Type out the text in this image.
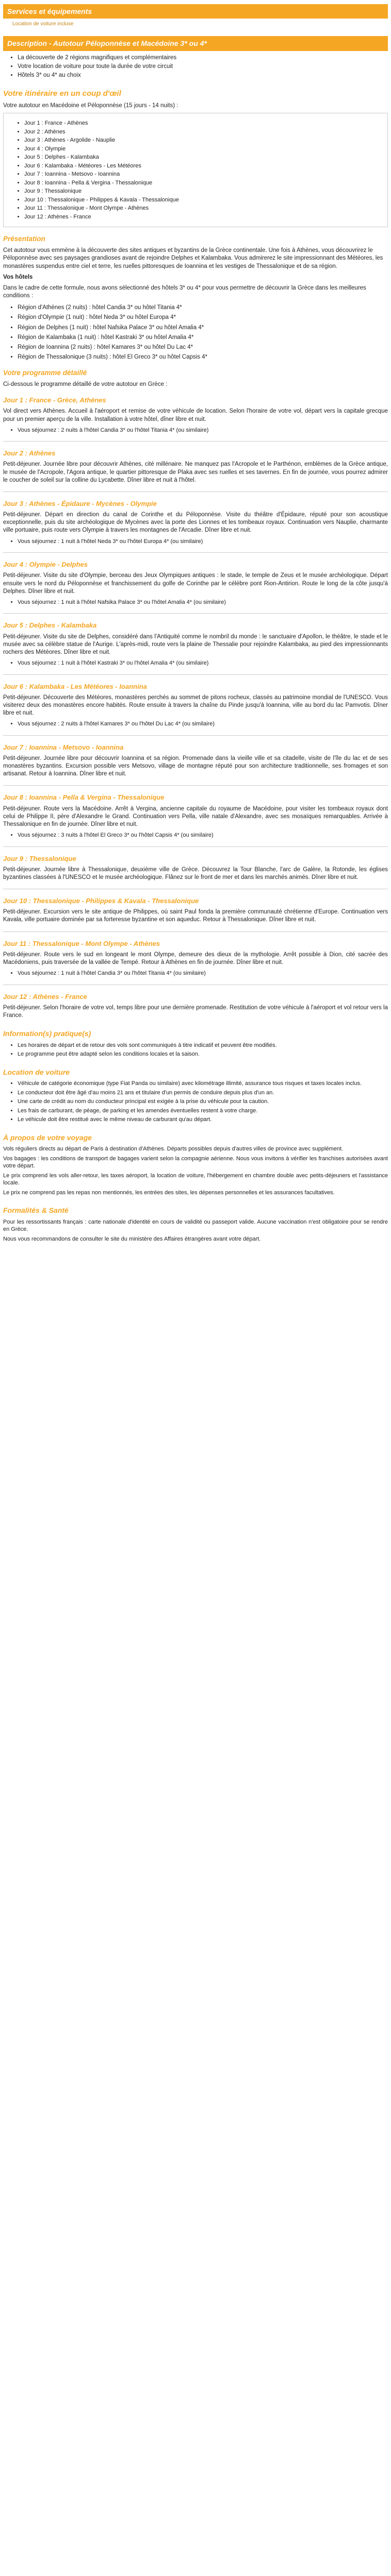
Services et équipements
Location de voiture incluse
Description - Autotour Péloponnèse et Macédoine 3* ou 4*
• La découverte de 2 régions magnifiques et complémentaires
• Votre location de voiture pour toute la durée de votre circuit
• Hôtels 3* ou 4* au choix
Votre itinéraire en un coup d'œil

Votre autotour en Macédoine et Péloponnèse (15 jours - 14 nuits) :

• Jour 1 : France - Athènes
• Jour 2 : Athènes
• Jour 3 : Athènes - Argolide - Nauplie
• Jour 4 : Olympie
• Jour 5 : Delphes - Kalambaka
• Jour 6 : Kalambaka - Météores - Les Météores
• Jour 7 : Ioannina - Metsovo - Ioannina
• Jour 8 : Ioannina - Pella & Vergina - Thessalonique
• Jour 9 : Thessalonique
• Jour 10 : Thessalonique - Philippes & Kavala - Thessalonique
• Jour 11 : Thessalonique - Mont Olympe - Athènes
• Jour 12 : Athènes - France
Présentation

Cet autotour vous emmène à la découverte des sites antiques et byzantins de la Grèce continentale. Une fois à Athènes, vous découvrirez le Péloponnèse avec ses paysages grandioses avant de rejoindre Delphes et Kalambaka. Vous admirerez le site impressionnant des Météores, les monastères suspendus entre ciel et terre, les ruelles pittoresques de Ioannina et les vestiges de Thessalonique et de sa région.

Vos hôtels

Dans le cadre de cette formule, nous avons sélectionné des hôtels 3* ou 4* pour vous permettre de découvrir la Grèce dans les meilleures conditions :

• Région d'Athènes (2 nuits) : hôtel Candia 3* ou hôtel Titania 4*
• Région d'Olympie (1 nuit) : hôtel Neda 3* ou hôtel Europa 4*
• Région de Delphes (1 nuit) : hôtel Nafsika Palace 3* ou hôtel Amalia 4*
• Région de Kalambaka (1 nuit) : hôtel Kastraki 3* ou hôtel Amalia 4*
• Région de Ioannina (2 nuits) : hôtel Kamares 3* ou hôtel Du Lac 4*
• Région de Thessalonique (3 nuits) : hôtel El Greco 3* ou hôtel Capsis 4*
Votre programme détaillé

Ci-dessous le programme détaillé de votre autotour en Grèce :

Jour 1 : France - Grèce, Athènes

Vol direct vers Athènes. Accueil à l'aéroport et remise de votre véhicule de location. Selon l'horaire de votre vol, départ vers la capitale grecque pour un premier aperçu de la ville. Installation à votre hôtel, dîner libre et nuit.

• Vous séjournez : 2 nuits à l'hôtel Candia 3* ou l'hôtel Titania 4* (ou similaire)
Jour 2 : Athènes

Petit-déjeuner. Journée libre pour découvrir Athènes, cité millénaire. Ne manquez pas l'Acropole et le Parthénon, emblèmes de la Grèce antique, le musée de l'Acropole, l'Agora antique, le quartier pittoresque de Plaka avec ses ruelles et ses tavernes. En fin de journée, vous pourrez admirer le coucher de soleil sur la colline du Lycabette. Dîner libre et nuit à l'hôtel.

Jour 3 : Athènes - Épidaure - Mycènes - Olympie

Petit-déjeuner. Départ en direction du canal de Corinthe et du Péloponnèse. Visite du théâtre d'Épidaure, réputé pour son acoustique exceptionnelle, puis du site archéologique de Mycènes avec la porte des Lionnes et les tombeaux royaux. Continuation vers Nauplie, charmante ville portuaire, puis route vers Olympie à travers les montagnes de l'Arcadie. Dîner libre et nuit.

• Vous séjournez : 1 nuit à l'hôtel Neda 3* ou l'hôtel Europa 4* (ou similaire)
Jour 4 : Olympie - Delphes

Petit-déjeuner. Visite du site d'Olympie, berceau des Jeux Olympiques antiques : le stade, le temple de Zeus et le musée archéologique. Départ ensuite vers le nord du Péloponnèse et franchissement du golfe de Corinthe par le célèbre pont Rion-Antirion. Route le long de la côte jusqu'à Delphes. Dîner libre et nuit.

• Vous séjournez : 1 nuit à l'hôtel Nafsika Palace 3* ou l'hôtel Amalia 4* (ou similaire)
Jour 5 : Delphes - Kalambaka

Petit-déjeuner. Visite du site de Delphes, considéré dans l'Antiquité comme le nombril du monde : le sanctuaire d'Apollon, le théâtre, le stade et le musée avec sa célèbre statue de l'Aurige. L'après-midi, route vers la plaine de Thessalie pour rejoindre Kalambaka, au pied des impressionnants rochers des Météores. Dîner libre et nuit.

• Vous séjournez : 1 nuit à l'hôtel Kastraki 3* ou l'hôtel Amalia 4* (ou similaire)
Jour 6 : Kalambaka - Les Météores - Ioannina

Petit-déjeuner. Découverte des Météores, monastères perchés au sommet de pitons rocheux, classés au patrimoine mondial de l'UNESCO. Vous visiterez deux des monastères encore habités. Route ensuite à travers la chaîne du Pinde jusqu'à Ioannina, ville au bord du lac Pamvotis. Dîner libre et nuit.

• Vous séjournez : 2 nuits à l'hôtel Kamares 3* ou l'hôtel Du Lac 4* (ou similaire)
Jour 7 : Ioannina - Metsovo - Ioannina

Petit-déjeuner. Journée libre pour découvrir Ioannina et sa région. Promenade dans la vieille ville et sa citadelle, visite de l'île du lac et de ses monastères byzantins. Excursion possible vers Metsovo, village de montagne réputé pour son architecture traditionnelle, ses fromages et son artisanat. Retour à Ioannina. Dîner libre et nuit.

Jour 8 : Ioannina - Pella & Vergina - Thessalonique

Petit-déjeuner. Route vers la Macédoine. Arrêt à Vergina, ancienne capitale du royaume de Macédoine, pour visiter les tombeaux royaux dont celui de Philippe II, père d'Alexandre le Grand. Continuation vers Pella, ville natale d'Alexandre, avec ses mosaïques remarquables. Arrivée à Thessalonique en fin de journée. Dîner libre et nuit.

• Vous séjournez : 3 nuits à l'hôtel El Greco 3* ou l'hôtel Capsis 4* (ou similaire)
Jour 9 : Thessalonique

Petit-déjeuner. Journée libre à Thessalonique, deuxième ville de Grèce. Découvrez la Tour Blanche, l'arc de Galère, la Rotonde, les églises byzantines classées à l'UNESCO et le musée archéologique. Flânez sur le front de mer et dans les marchés animés. Dîner libre et nuit.

Jour 10 : Thessalonique - Philippes & Kavala - Thessalonique

Petit-déjeuner. Excursion vers le site antique de Philippes, où saint Paul fonda la première communauté chrétienne d'Europe. Continuation vers Kavala, ville portuaire dominée par sa forteresse byzantine et son aqueduc. Retour à Thessalonique. Dîner libre et nuit.

Jour 11 : Thessalonique - Mont Olympe - Athènes

Petit-déjeuner. Route vers le sud en longeant le mont Olympe, demeure des dieux de la mythologie. Arrêt possible à Dion, cité sacrée des Macédoniens, puis traversée de la vallée de Tempé. Retour à Athènes en fin de journée. Dîner libre et nuit.

• Vous séjournez : 1 nuit à l'hôtel Candia 3* ou l'hôtel Titania 4* (ou similaire)
Jour 12 : Athènes - France

Petit-déjeuner. Selon l'horaire de votre vol, temps libre pour une dernière promenade. Restitution de votre véhicule à l'aéroport et vol retour vers la France.

Information(s) pratique(s)
• Les horaires de départ et de retour des vols sont communiqués à titre indicatif et peuvent être modifiés.
• Le programme peut être adapté selon les conditions locales et la saison.
Location de voiture
• Véhicule de catégorie économique (type Fiat Panda ou similaire) avec kilométrage illimité, assurance tous risques et taxes locales inclus.
• Le conducteur doit être âgé d'au moins 21 ans et titulaire d'un permis de conduire depuis plus d'un an.
• Une carte de crédit au nom du conducteur principal est exigée à la prise du véhicule pour la caution.
• Les frais de carburant, de péage, de parking et les amendes éventuelles restent à votre charge.
• Le véhicule doit être restitué avec le même niveau de carburant qu'au départ.
À propos de votre voyage

Vols réguliers directs au départ de Paris à destination d'Athènes. Départs possibles depuis d'autres villes de province avec supplément.

Vos bagages : les conditions de transport de bagages varient selon la compagnie aérienne. Nous vous invitons à vérifier les franchises autorisées avant votre départ.

Le prix comprend les vols aller-retour, les taxes aéroport, la location de voiture, l'hébergement en chambre double avec petits-déjeuners et l'assistance locale.

Le prix ne comprend pas les repas non mentionnés, les entrées des sites, les dépenses personnelles et les assurances facultatives.

Formalités & Santé

Pour les ressortissants français : carte nationale d'identité en cours de validité ou passeport valide. Aucune vaccination n'est obligatoire pour se rendre en Grèce.

Nous vous recommandons de consulter le site du ministère des Affaires étrangères avant votre départ.
